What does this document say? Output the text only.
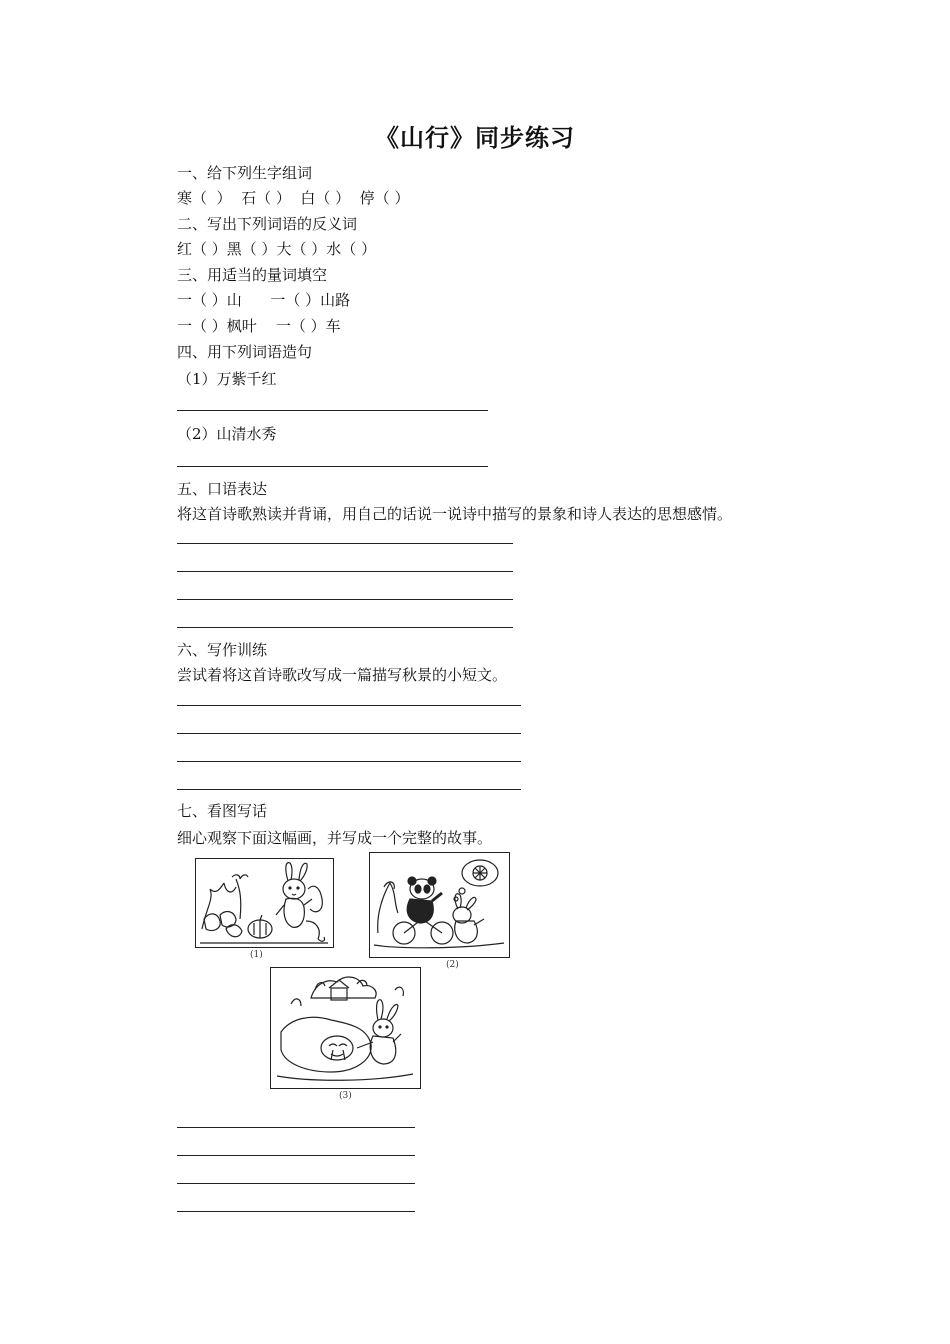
《山行》同步练习
一、给下列生字组词
寒（  ）  石（ ）  白（ ）  停（ ）
二、写出下列词语的反义词
红（ ）黑（ ）大（ ）水（ ）
三、用适当的量词填空
一（ ）山      一（ ）山路
一（ ）枫叶    一（ ）车
四、用下列词语造句
（1）万紫千红
（2）山清水秀
五、口语表达
将这首诗歌熟读并背诵，用自己的话说一说诗中描写的景象和诗人表达的思想感情。
六、写作训练
尝试着将这首诗歌改写成一篇描写秋景的小短文。
七、看图写话
细心观察下面这幅画，并写成一个完整的故事。
(1)
(2)
(3)
